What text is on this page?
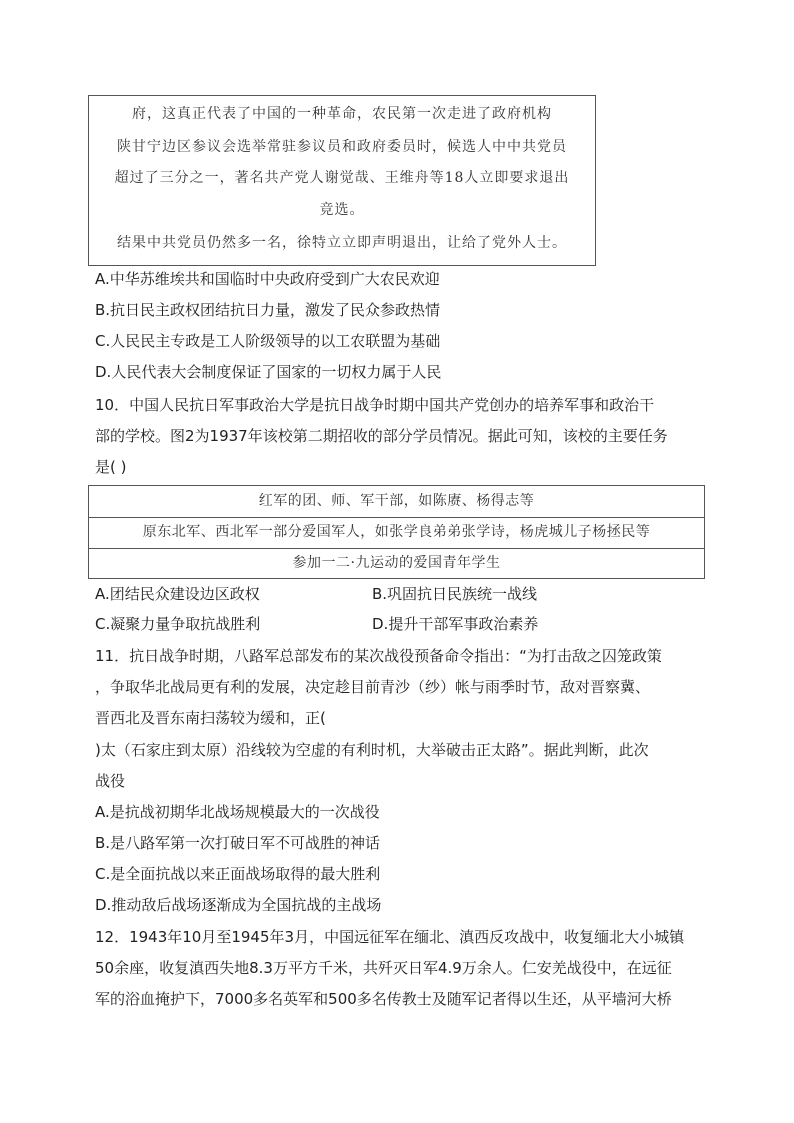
府，这真正代表了中国的一种革命，农民第一次走进了政府机构
陕甘宁边区参议会选举常驻参议员和政府委员时，候选人中中共党员
超过了三分之一，著名共产党人谢觉哉、王维舟等18人立即要求退出
竞选。
结果中共党员仍然多一名，徐特立立即声明退出，让给了党外人士。
A.中华苏维埃共和国临时中央政府受到广大农民欢迎
B.抗日民主政权团结抗日力量，激发了民众参政热情
C.人民民主专政是工人阶级领导的以工农联盟为基础
D.人民代表大会制度保证了国家的一切权力属于人民
10．中国人民抗日军事政治大学是抗日战争时期中国共产党创办的培养军事和政治干
部的学校。图2为1937年该校第二期招收的部分学员情况。据此可知，该校的主要任务
是( )
红军的团、师、军干部，如陈赓、杨得志等
原东北军、西北军一部分爱国军人，如张学良弟弟张学诗，杨虎城儿子杨拯民等
参加一二·九运动的爱国青年学生
A.团结民众建设边区政权	B.巩固抗日民族统一战线
C.凝聚力量争取抗战胜利	D.提升干部军事政治素养
11．抗日战争时期，八路军总部发布的某次战役预备命令指出：“为打击敌之囚笼政策
，争取华北战局更有利的发展，决定趁目前青沙（纱）帐与雨季时节，敌对晋察冀、
晋西北及晋东南扫荡较为缓和，正(
)太（石家庄到太原）沿线较为空虚的有利时机，大举破击正太路”。据此判断，此次
战役
A.是抗战初期华北战场规模最大的一次战役
B.是八路军第一次打破日军不可战胜的神话
C.是全面抗战以来正面战场取得的最大胜利
D.推动敌后战场逐渐成为全国抗战的主战场
12．1943年10月至1945年3月，中国远征军在缅北、滇西反攻战中，收复缅北大小城镇
50余座，收复滇西失地8.3万平方千米，共歼灭日军4.9万余人。仁安羌战役中，在远征
军的浴血掩护下，7000多名英军和500多名传教士及随军记者得以生还，从平墙河大桥
